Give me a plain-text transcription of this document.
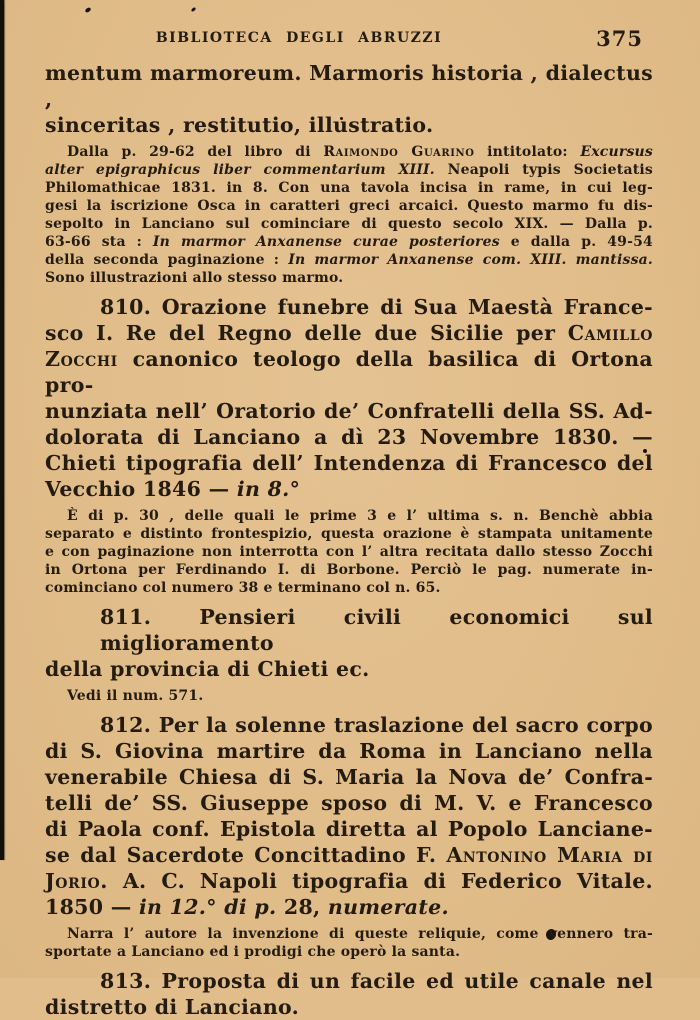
BIBLIOTECA DEGLI ABRUZZI	375
mentum marmoreum. Marmoris historia , dialectus ,
sinceritas , restitutio, illustratio.
Dalla p. 29-62 del libro di Raimondo Guarino intitolato: Excursus
alter epigraphicus liber commentarium XIII. Neapoli typis Societatis
Philomathicae 1831. in 8. Con una tavola incisa in rame, in cui leg-
gesi la iscrizione Osca in caratteri greci arcaici. Questo marmo fu dis-
sepolto in Lanciano sul cominciare di questo secolo XIX. — Dalla p.
63-66 sta : In marmor Anxanense curae posteriores e dalla p. 49-54
della seconda paginazione : In marmor Anxanense com. XIII. mantissa.
Sono illustrazioni allo stesso marmo.
810. Orazione funebre di Sua Maestà France-
sco I. Re del Regno delle due Sicilie per Camillo
Zocchi canonico teologo della basilica di Ortona pro-
nunziata nell’ Oratorio de’ Confratelli della SS. Ad-
dolorata di Lanciano a dì 23 Novembre 1830. —
Chieti tipografia dell’ Intendenza di Francesco del
Vecchio 1846 — in 8.°
È di p. 30 , delle quali le prime 3 e l’ ultima s. n. Benchè abbia
separato e distinto frontespizio, questa orazione è stampata unitamente
e con paginazione non interrotta con l’ altra recitata dallo stesso Zocchi
in Ortona per Ferdinando I. di Borbone. Perciò le pag. numerate in-
cominciano col numero 38 e terminano col n. 65.
811. Pensieri civili economici sul miglioramento
della provincia di Chieti ec.
Vedi il num. 571.
812. Per la solenne traslazione del sacro corpo
di S. Giovina martire da Roma in Lanciano nella
venerabile Chiesa di S. Maria la Nova de’ Confra-
telli de’ SS. Giuseppe sposo di M. V. e Francesco
di Paola conf. Epistola diretta al Popolo Lanciane-
se dal Sacerdote Concittadino F. Antonino Maria di
Jorio. A. C. Napoli tipografia di Federico Vitale.
1850 — in 12.° di p. 28, numerate.
Narra l’ autore la invenzione di queste reliquie, come vennero tra-
sportate a Lanciano ed i prodigi che operò la santa.
813. Proposta di un facile ed utile canale nel
distretto di Lanciano.
